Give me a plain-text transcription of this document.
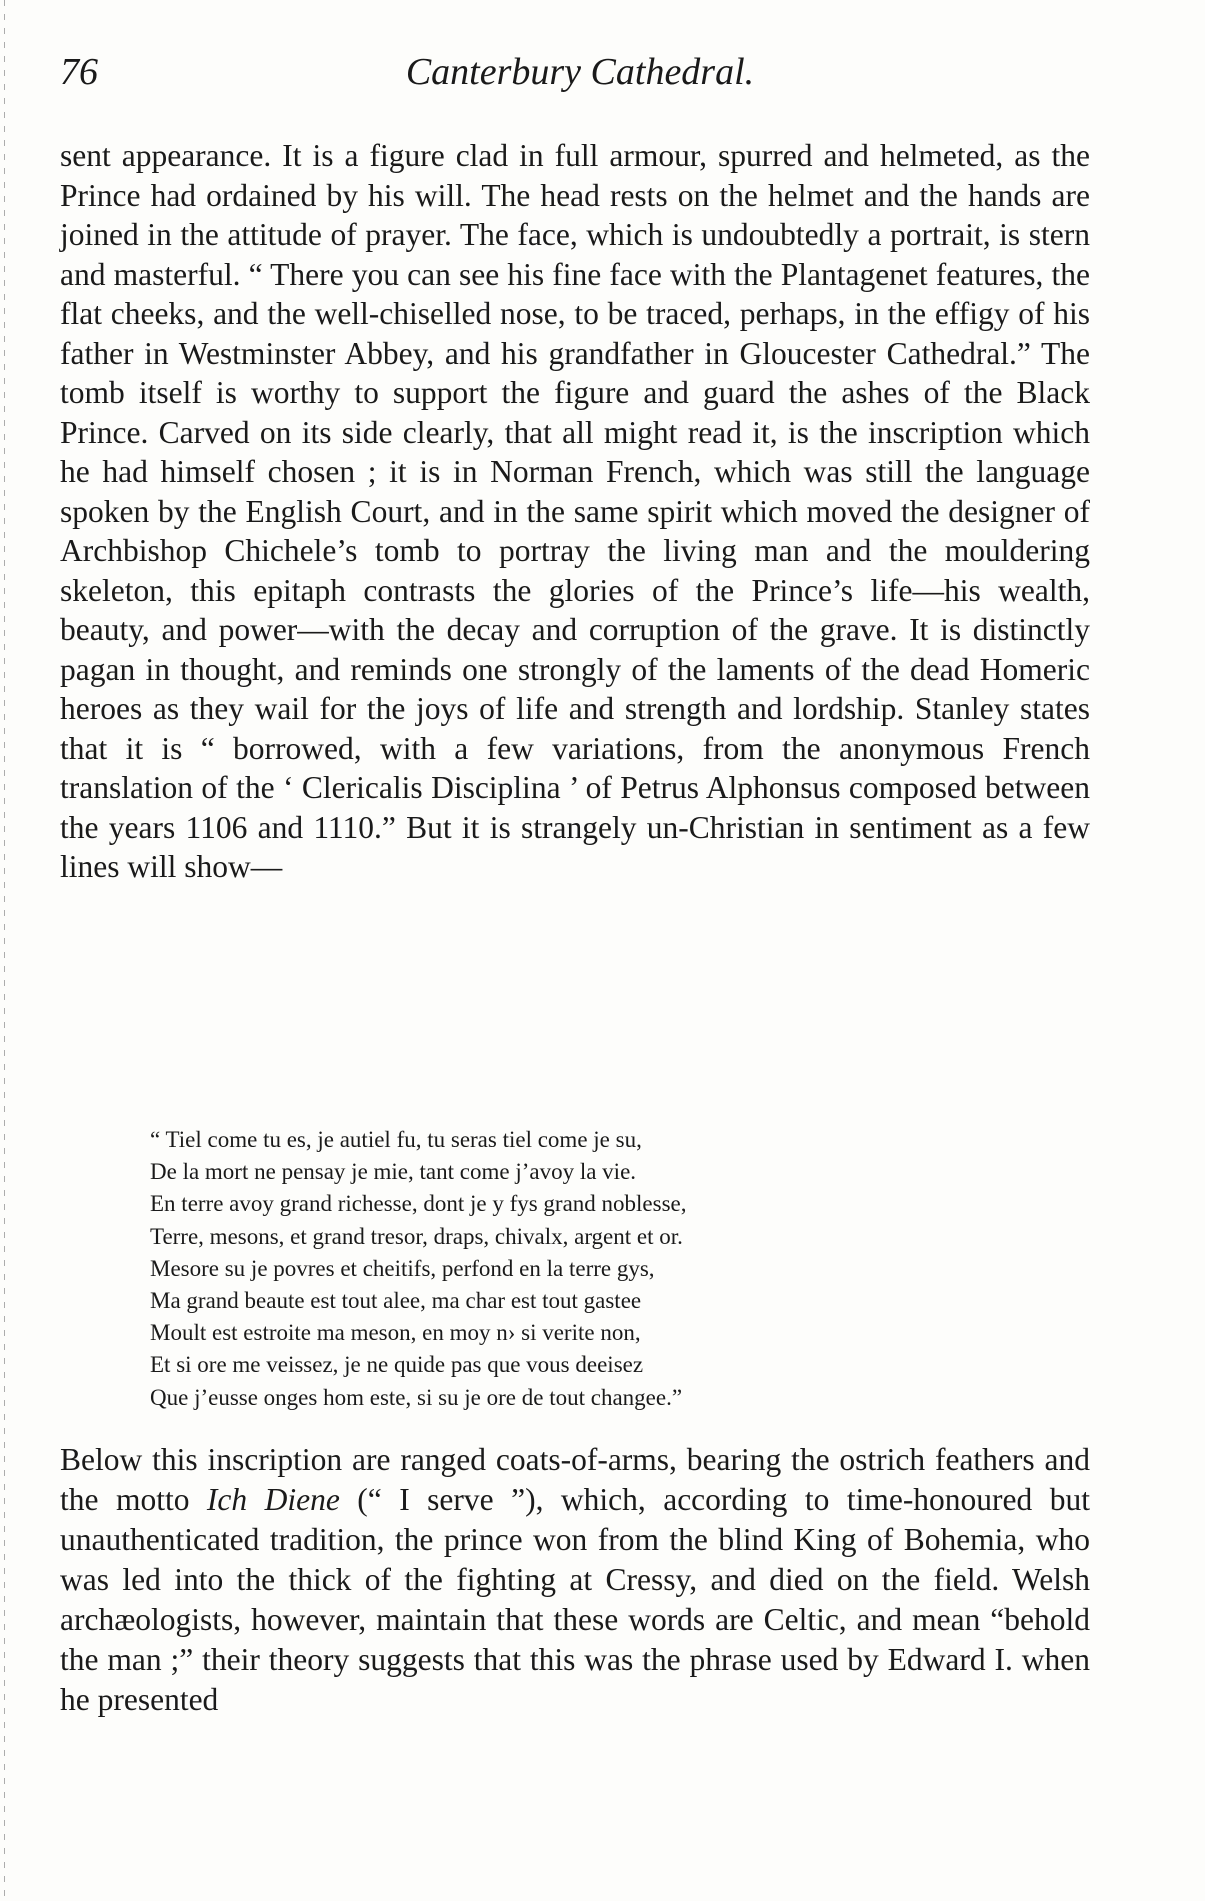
76	Canterbury Cathedral.

sent appearance. It is a figure clad in full armour, spurred and helmeted, as the Prince had ordained by his will. The head rests on the helmet and the hands are joined in the attitude of prayer. The face, which is undoubtedly a portrait, is stern and masterful. “ There you can see his fine face with the Plantagenet features, the flat cheeks, and the well-chiselled nose, to be traced, perhaps, in the effigy of his father in Westminster Abbey, and his grandfather in Gloucester Cathedral.” The tomb itself is worthy to support the figure and guard the ashes of the Black Prince. Carved on its side clearly, that all might read it, is the inscription which he had himself chosen ; it is in Norman French, which was still the language spoken by the English Court, and in the same spirit which moved the designer of Archbishop Chichele’s tomb to portray the living man and the mouldering skeleton, this epitaph contrasts the glories of the Prince’s life—his wealth, beauty, and power—with the decay and corruption of the grave. It is distinctly pagan in thought, and reminds one strongly of the laments of the dead Homeric heroes as they wail for the joys of life and strength and lordship. Stanley states that it is “ borrowed, with a few variations, from the anonymous French translation of the ‘ Clericalis Disciplina ’ of Petrus Alphonsus composed between the years 1106 and 1110.” But it is strangely un-Christian in sentiment as a few lines will show—

“ Tiel come tu es, je autiel fu, tu seras tiel come je su,
De la mort ne pensay je mie, tant come j’avoy la vie.
En terre avoy grand richesse, dont je y fys grand noblesse,
Terre, mesons, et grand tresor, draps, chivalx, argent et or.
Mesore su je povres et cheitifs, perfond en la terre gys,
Ma grand beaute est tout alee, ma char est tout gastee
Moult est estroite ma meson, en moy n› si verite non,
Et si ore me veissez, je ne quide pas que vous deeisez
Que j’eusse onges hom este, si su je ore de tout changee.”

Below this inscription are ranged coats-of-arms, bearing the ostrich feathers and the motto Ich Diene (“ I serve ”), which, according to time-honoured but unauthenticated tradition, the prince won from the blind King of Bohemia, who was led into the thick of the fighting at Cressy, and died on the field. Welsh archæologists, however, maintain that these words are Celtic, and mean “behold the man ;” their theory suggests that this was the phrase used by Edward I. when he presented
